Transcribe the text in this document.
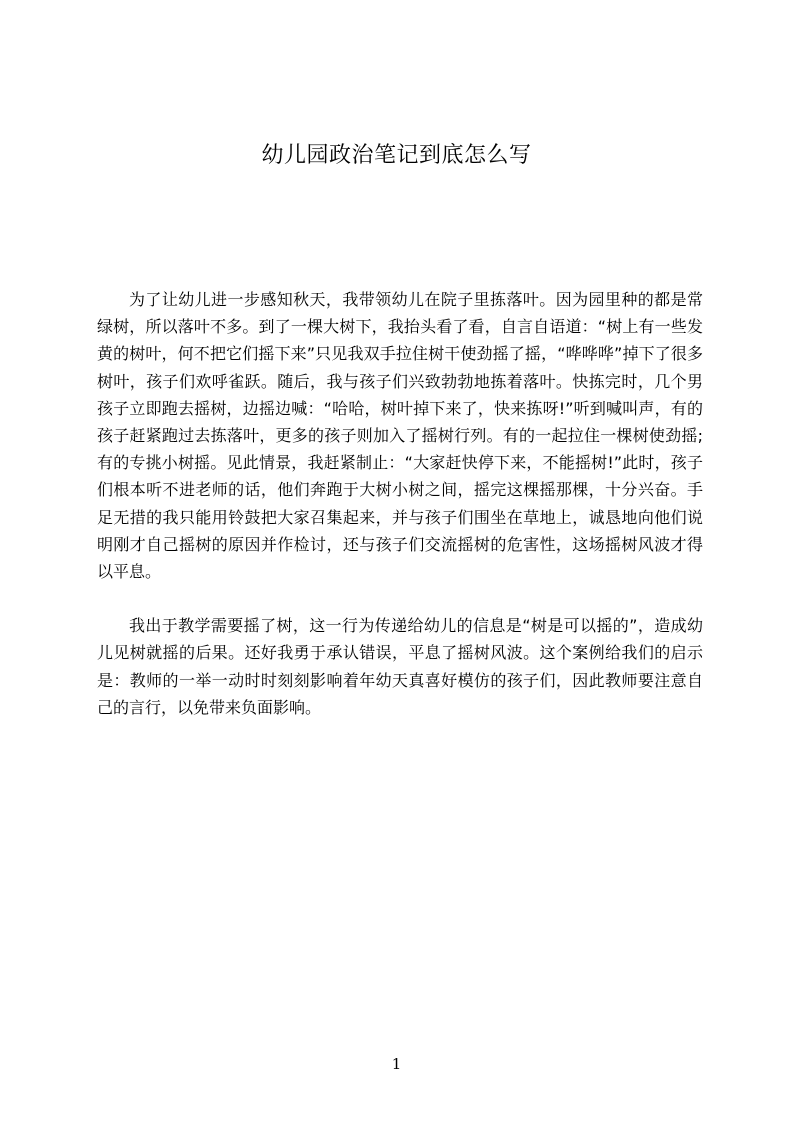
幼儿园政治笔记到底怎么写

为了让幼儿进一步感知秋天，我带领幼儿在院子里拣落叶。因为园里种的都是常绿树，所以落叶不多。到了一棵大树下，我抬头看了看，自言自语道：“树上有一些发黄的树叶，何不把它们摇下来”只见我双手拉住树干使劲摇了摇，“哗哗哗”掉下了很多树叶，孩子们欢呼雀跃。随后，我与孩子们兴致勃勃地拣着落叶。快拣完时，几个男孩子立即跑去摇树，边摇边喊：“哈哈，树叶掉下来了，快来拣呀!”听到喊叫声，有的孩子赶紧跑过去拣落叶，更多的孩子则加入了摇树行列。有的一起拉住一棵树使劲摇;有的专挑小树摇。见此情景，我赶紧制止：“大家赶快停下来，不能摇树!”此时，孩子们根本听不进老师的话，他们奔跑于大树小树之间，摇完这棵摇那棵，十分兴奋。手足无措的我只能用铃鼓把大家召集起来，并与孩子们围坐在草地上，诚恳地向他们说明刚才自己摇树的原因并作检讨，还与孩子们交流摇树的危害性，这场摇树风波才得以平息。

我出于教学需要摇了树，这一行为传递给幼儿的信息是“树是可以摇的”，造成幼儿见树就摇的后果。还好我勇于承认错误，平息了摇树风波。这个案例给我们的启示是：教师的一举一动时时刻刻影响着年幼天真喜好模仿的孩子们，因此教师要注意自己的言行，以免带来负面影响。

1
